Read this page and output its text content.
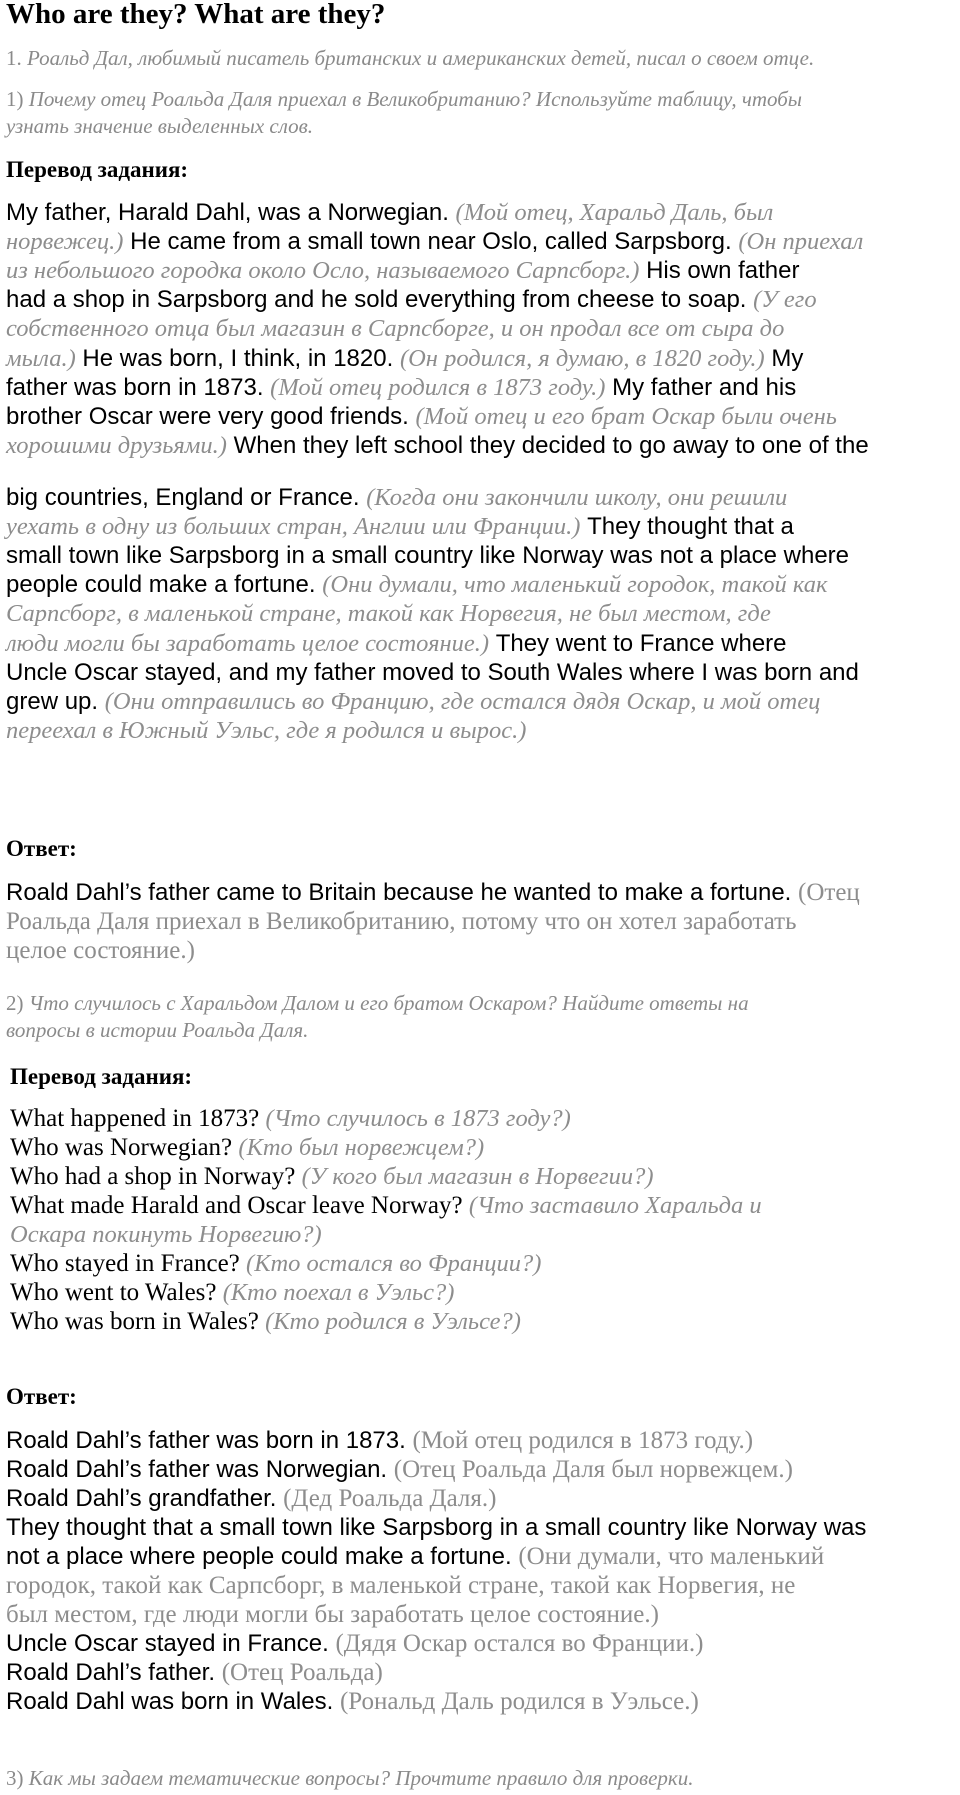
Who are they? What are they?
1. Роальд Дал, любимый писатель британских и американских детей, писал о своем отце.
1) Почему отец Роальда Даля приехал в Великобританию? Используйте таблицу, чтобы
узнать значение выделенных слов.
Перевод задания:
My father, Harald Dahl, was a Norwegian. (Мой отец, Харальд Даль, был
норвежец.) He came from a small town near Oslo, called Sarpsborg. (Он приехал
из небольшого городка около Осло, называемого Сарпсборг.) His own father
had a shop in Sarpsborg and he sold everything from cheese to soap. (У его
собственного отца был магазин в Сарпсборге, и он продал все от сыра до
мыла.) He was born, I think, in 1820. (Он родился, я думаю, в 1820 году.) My
father was born in 1873. (Мой отец родился в 1873 году.) My father and his
brother Oscar were very good friends. (Мой отец и его брат Оскар были очень
хорошими друзьями.) When they left school they decided to go away to one of the
big countries, England or France. (Когда они закончили школу, они решили
уехать в одну из больших стран, Англии или Франции.) They thought that a
small town like Sarpsborg in a small country like Norway was not a place where
people could make a fortune. (Они думали, что маленький городок, такой как
Сарпсборг, в маленькой стране, такой как Норвегия, не был местом, где
люди могли бы заработать целое состояние.) They went to France where
Uncle Oscar stayed, and my father moved to South Wales where I was born and
grew up. (Они отправились во Францию, где остался дядя Оскар, и мой отец
переехал в Южный Уэльс, где я родился и вырос.)
Ответ:
Roald Dahl’s father came to Britain because he wanted to make a fortune. (Отец
Роальда Даля приехал в Великобританию, потому что он хотел заработать
целое состояние.)
2) Что случилось с Харальдом Далом и его братом Оскаром? Найдите ответы на
вопросы в истории Роальда Даля.
Перевод задания:
What happened in 1873? (Что случилось в 1873 году?)
Who was Norwegian? (Кто был норвежцем?)
Who had a shop in Norway? (У кого был магазин в Норвегии?)
What made Harald and Oscar leave Norway? (Что заставило Харальда и
Оскара покинуть Норвегию?)
Who stayed in France? (Кто остался во Франции?)
Who went to Wales? (Кто поехал в Уэльс?)
Who was born in Wales? (Кто родился в Уэльсе?)
Ответ:
Roald Dahl’s father was born in 1873. (Мой отец родился в 1873 году.)
Roald Dahl’s father was Norwegian. (Отец Роальда Даля был норвежцем.)
Roald Dahl’s grandfather. (Дед Роальда Даля.)
They thought that a small town like Sarpsborg in a small country like Norway was
not a place where people could make a fortune. (Они думали, что маленький
городок, такой как Сарпсборг, в маленькой стране, такой как Норвегия, не
был местом, где люди могли бы заработать целое состояние.)
Uncle Oscar stayed in France. (Дядя Оскар остался во Франции.)
Roald Dahl’s father. (Отец Роальда)
Roald Dahl was born in Wales. (Рональд Даль родился в Уэльсе.)
3) Как мы задаем тематические вопросы? Прочтите правило для проверки.
